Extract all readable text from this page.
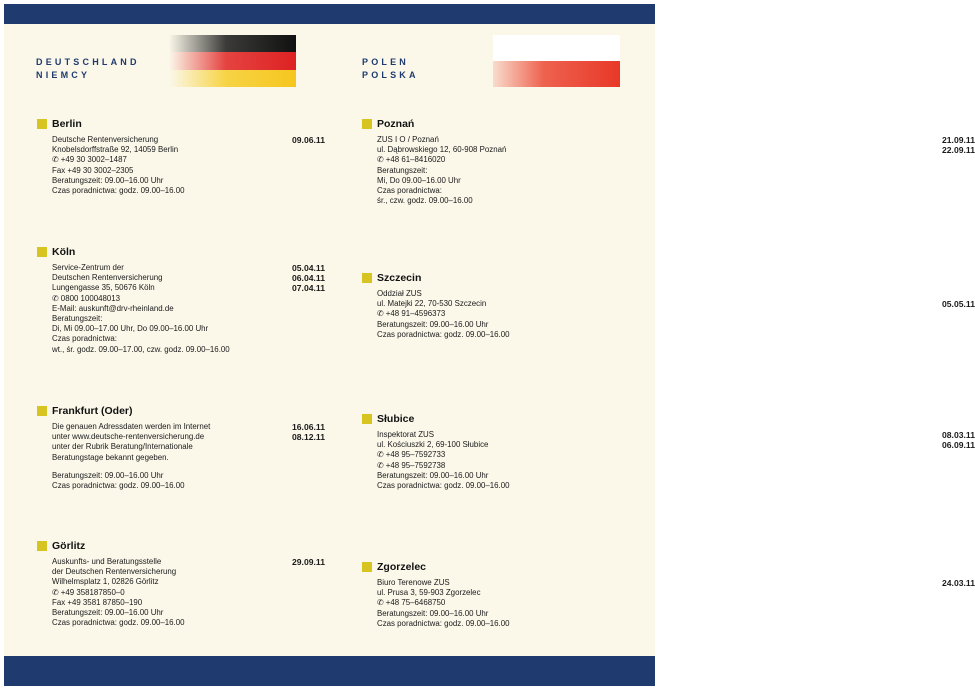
DEUTSCHLAND
NIEMCY
POLEN
POLSKA
Berlin
Deutsche Rentenversicherung
Knobelsdorffstraße 92, 14059 Berlin
✆ +49 30 3002–1487
Fax +49 30 3002–2305
Beratungszeit: 09.00–16.00 Uhr
Czas poradnictwa: godz. 09.00–16.00
09.06.11
Köln
Service-Zentrum der
Deutschen Rentenversicherung
Lungengasse 35, 50676 Köln
✆ 0800 100048013
E-Mail: auskunft@drv-rheinland.de
Beratungszeit:
Di, Mi 09.00–17.00 Uhr, Do 09.00–16.00 Uhr
Czas poradnictwa:
wt., śr. godz. 09.00–17.00, czw. godz. 09.00–16.00
05.04.11
06.04.11
07.04.11
Frankfurt (Oder)
Die genauen Adressdaten werden im Internet
unter www.deutsche-rentenversicherung.de
unter der Rubrik Beratung/Internationale
Beratungstage bekannt gegeben.
Beratungszeit: 09.00–16.00 Uhr
Czas poradnictwa: godz. 09.00–16.00
16.06.11
08.12.11
Görlitz
Auskunfts- und Beratungsstelle
der Deutschen Rentenversicherung
Wilhelmsplatz 1, 02826 Görlitz
✆ +49 358187850–0
Fax +49 3581 87850–190
Beratungszeit: 09.00–16.00 Uhr
Czas poradnictwa: godz. 09.00–16.00
29.09.11
Poznań
ZUS I O / Poznań
ul. Dąbrowskiego 12, 60-908 Poznań
✆ +48 61–8416020
Beratungszeit:
Mi, Do 09.00–16.00 Uhr
Czas poradnictwa:
śr., czw. godz. 09.00–16.00
21.09.11
22.09.11
Szczecin
Oddział ZUS
ul. Matejki 22, 70-530 Szczecin
✆ +48 91–4596373
Beratungszeit: 09.00–16.00 Uhr
Czas poradnictwa: godz. 09.00–16.00
05.05.11
Słubice
Inspektorat ZUS
ul. Kościuszki 2, 69-100 Słubice
✆ +48 95–7592733
✆ +48 95–7592738
Beratungszeit: 09.00–16.00 Uhr
Czas poradnictwa: godz. 09.00–16.00
08.03.11
06.09.11
Zgorzelec
Biuro Terenowe ZUS
ul. Prusa 3, 59-903 Zgorzelec
✆ +48 75–6468750
Beratungszeit: 09.00–16.00 Uhr
Czas poradnictwa: godz. 09.00–16.00
24.03.11
